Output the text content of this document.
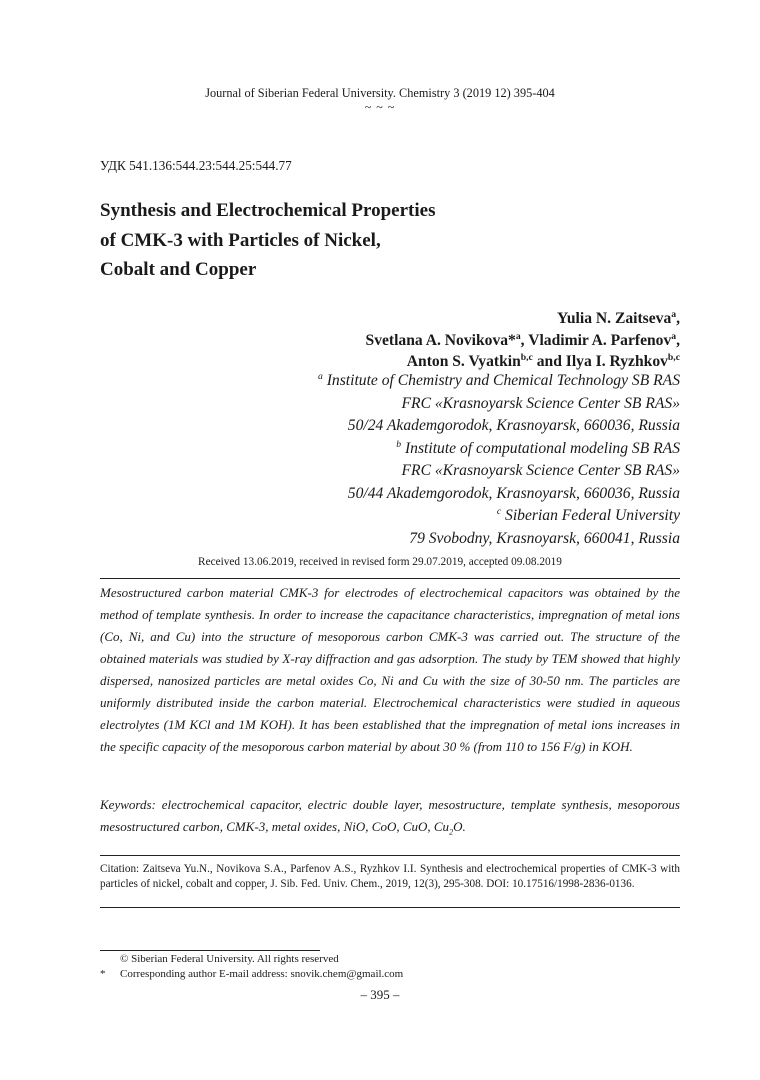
Journal of Siberian Federal University. Chemistry 3 (2019 12) 395-404
~ ~ ~
УДК 541.136:544.23:544.25:544.77
Synthesis and Electrochemical Properties
of CMK-3 with Particles of Nickel,
Cobalt and Copper
Yulia N. Zaitseva$^a$,
Svetlana A. Novikova*$^a$, Vladimir A. Parfenov$^a$,
Anton S. Vyatkin$^{b,c}$ and Ilya I. Ryzhkov$^{b,c}$
$^a$ Institute of Chemistry and Chemical Technology SB RAS
FRC «Krasnoyarsk Science Center SB RAS»
50/24 Akademgorodok, Krasnoyarsk, 660036, Russia
$^b$ Institute of computational modeling SB RAS
FRC «Krasnoyarsk Science Center SB RAS»
50/44 Akademgorodok, Krasnoyarsk, 660036, Russia
$^c$ Siberian Federal University
79 Svobodny, Krasnoyarsk, 660041, Russia
Received 13.06.2019, received in revised form 29.07.2019, accepted 09.08.2019
Mesostructured carbon material CMK-3 for electrodes of electrochemical capacitors was obtained by the method of template synthesis. In order to increase the capacitance characteristics, impregnation of metal ions (Co, Ni, and Cu) into the structure of mesoporous carbon CMK-3 was carried out. The structure of the obtained materials was studied by X-ray diffraction and gas adsorption. The study by TEM showed that highly dispersed, nanosized particles are metal oxides Co, Ni and Cu with the size of 30-50 nm. The particles are uniformly distributed inside the carbon material. Electrochemical characteristics were studied in aqueous electrolytes (1M KCl and 1M KOH). It has been established that the impregnation of metal ions increases in the specific capacity of the mesoporous carbon material by about 30 % (from 110 to 156 F/g) in KOH.
Keywords: electrochemical capacitor, electric double layer, mesostructure, template synthesis, mesoporous mesostructured carbon, CMK-3, metal oxides, NiO, CoO, CuO, $Cu_2O$.
Citation: Zaitseva Yu.N., Novikova S.A., Parfenov A.S., Ryzhkov I.I. Synthesis and electrochemical properties of CMK-3 with particles of nickel, cobalt and copper, J. Sib. Fed. Univ. Chem., 2019, 12(3), 295-308. DOI: 10.17516/1998-2836-0136.
© Siberian Federal University. All rights reserved
* Corresponding author E-mail address: snovik.chem@gmail.com
– 395 –
